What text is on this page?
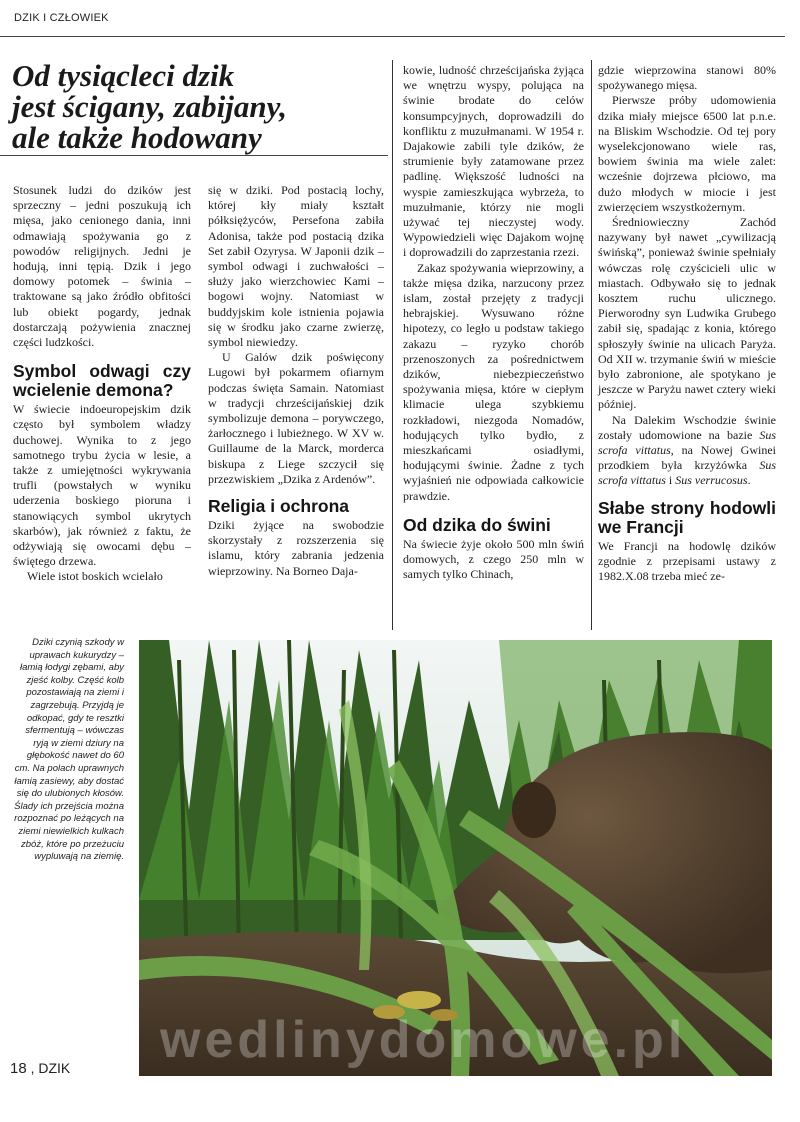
DZIK I CZŁOWIEK
Od tysiącleci dzik
jest ścigany, zabijany,
ale także hodowany

Stosunek ludzi do dzików jest sprzeczny – jedni poszukują ich mięsa, jako cenionego dania, inni odmawiają spożywania go z powodów religijnych. Jedni je hodują, inni tępią. Dzik i jego domowy potomek – świnia – traktowane są jako źródło obfitości lub obiekt pogardy, jednak dostarczają pożywienia znacznej części ludzkości.

Symbol odwagi czy wcielenie demona?

W świecie indoeuropejskim dzik często był symbolem władzy duchowej. Wynika to z jego samotnego trybu życia w lesie, a także z umiejętności wykrywania trufli (powstałych w wyniku uderzenia boskiego pioruna i stanowiących symbol ukrytych skarbów), jak również z faktu, że odżywiają się owocami dębu – świętego drzewa.

Wiele istot boskich wcielało

się w dziki. Pod postacią lochy, której kły miały kształt półksiężyców, Persefona zabiła Adonisa, także pod postacią dzika Set zabił Ozyrysa. W Japonii dzik – symbol odwagi i zuchwałości – służy jako wierzchowiec Kami – bogowi wojny. Natomiast w buddyjskim kole istnienia pojawia się w środku jako czarne zwierzę, symbol niewiedzy.

U Galów dzik poświęcony Lugowi był pokarmem ofiarnym podczas święta Samain. Natomiast w tradycji chrześcijańskiej dzik symbolizuje demona – porywczego, żarłocznego i lubieżnego. W XV w. Guillaume de la Marck, morderca biskupa z Liege szczycił się przezwiskiem „Dzika z Ardenów”.

Religia i ochrona

Dziki żyjące na swobodzie skorzystały z rozszerzenia się islamu, który zabrania jedzenia wieprzowiny. Na Borneo Daja-

kowie, ludność chrześcijańska żyjąca we wnętrzu wyspy, polująca na świnie brodate do celów konsumpcyjnych, doprowadzili do konfliktu z muzułmanami. W 1954 r. Dajakowie zabili tyle dzików, że strumienie były zatamowane przez padlinę. Większość ludności na wyspie zamieszkująca wybrzeża, to muzułmanie, którzy nie mogli używać tej nieczystej wody. Wypowiedzieli więc Dajakom wojnę i doprowadzili do zaprzestania rzezi.

Zakaz spożywania wieprzowiny, a także mięsa dzika, narzucony przez islam, został przejęty z tradycji hebrajskiej. Wysuwano różne hipotezy, co legło u podstaw takiego zakazu – ryzyko chorób przenoszonych za pośrednictwem dzików, niebezpieczeństwo spożywania mięsa, które w ciepłym klimacie ulega szybkiemu rozkładowi, niezgoda Nomadów, hodujących tylko bydło, z mieszkańcami osiadłymi, hodującymi świnie. Żadne z tych wyjaśnień nie odpowiada całkowicie prawdzie.

Od dzika do świni

Na świecie żyje około 500 mln świń domowych, z czego 250 mln w samych tylko Chinach,

gdzie wieprzowina stanowi 80% spożywanego mięsa.

Pierwsze próby udomowienia dzika miały miejsce 6500 lat p.n.e. na Bliskim Wschodzie. Od tej pory wyselekcjonowano wiele ras, bowiem świnia ma wiele zalet: wcześnie dojrzewa płciowo, ma dużo młodych w miocie i jest zwierzęciem wszystkożernym.

Średniowieczny Zachód nazywany był nawet „cywilizacją świńską”, ponieważ świnie spełniały wówczas rolę czyścicieli ulic w miastach. Odbywało się to jednak kosztem ruchu ulicznego. Pierworodny syn Ludwika Grubego zabił się, spadając z konia, którego spłoszyły świnie na ulicach Paryża. Od XII w. trzymanie świń w mieście było zabronione, ale spotykano je jeszcze w Paryżu nawet cztery wieki później.

Na Dalekim Wschodzie świnie zostały udomowione na bazie Sus scrofa vittatus, na Nowej Gwinei przodkiem była krzyżówka Sus scrofa vittatus i Sus verrucosus.

Słabe strony hodowli we Francji

We Francji na hodowlę dzików zgodnie z przepisami ustawy z 1982.X.08 trzeba mieć ze-

Dziki czynią szkody w uprawach kukurydzy – łamią łodygi zębami, aby zjeść kolby. Część kolb pozostawiają na ziemi i zagrzebują. Przyjdą je odkopać, gdy te resztki sfermentują – wówczas ryją w ziemi dziury na głębokość nawet do 60 cm. Na polach uprawnych łamią zasiewy, aby dostać się do ulubionych kłosów. Ślady ich przejścia można rozpoznać po leżących na ziemi niewielkich kulkach zbóż, które po przeżuciu wypluwają na ziemię.

wedlinydomowe.pl
18 , DZIK
